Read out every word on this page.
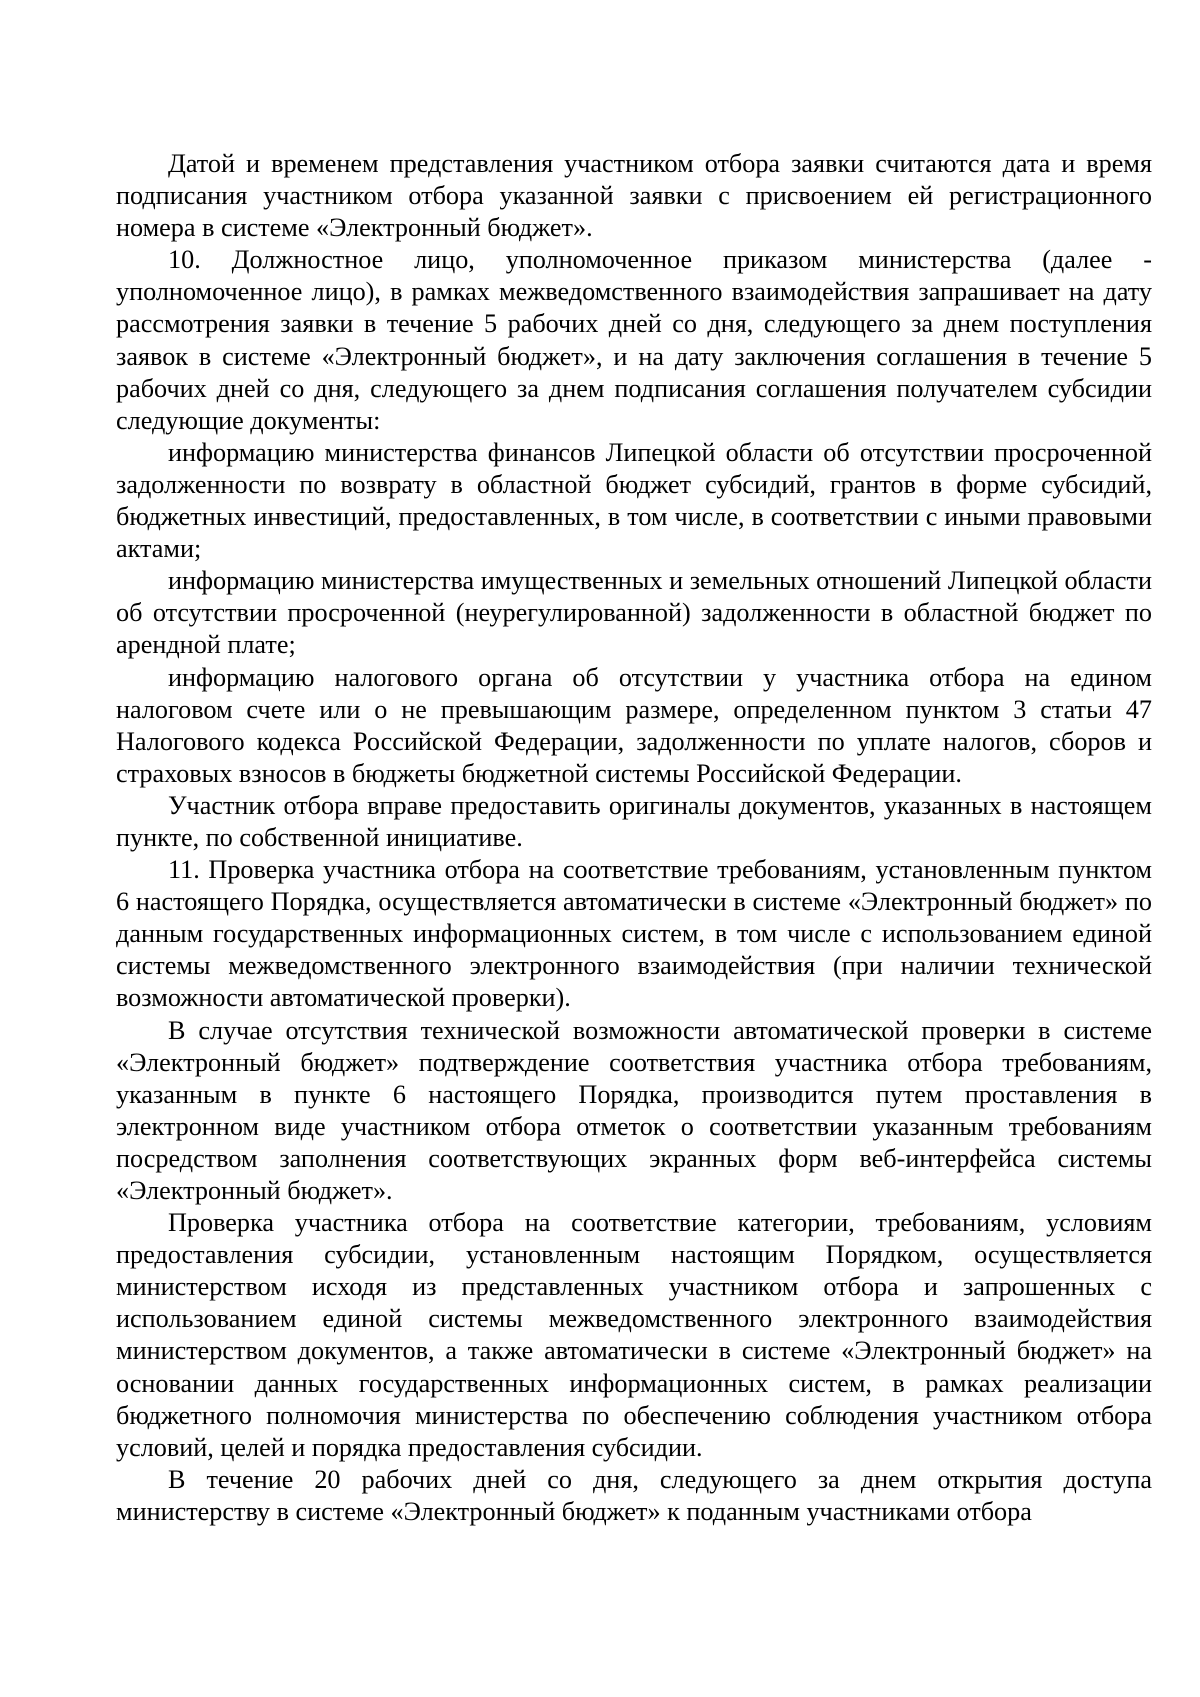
Датой и временем представления участником отбора заявки считаются дата и время подписания участником отбора указанной заявки с присвоением ей регистрационного номера в системе «Электронный бюджет».

10. Должностное лицо, уполномоченное приказом министерства (далее - уполномоченное лицо), в рамках межведомственного взаимодействия запрашивает на дату рассмотрения заявки в течение 5 рабочих дней со дня, следующего за днем поступления заявок в системе «Электронный бюджет», и на дату заключения соглашения в течение 5 рабочих дней со дня, следующего за днем подписания соглашения получателем субсидии следующие документы:

информацию министерства финансов Липецкой области об отсутствии просроченной задолженности по возврату в областной бюджет субсидий, грантов в форме субсидий, бюджетных инвестиций, предоставленных, в том числе, в соответствии с иными правовыми актами;

информацию министерства имущественных и земельных отношений Липецкой области об отсутствии просроченной (неурегулированной) задолженности в областной бюджет по арендной плате;

информацию налогового органа об отсутствии у участника отбора на едином налоговом счете или о не превышающим размере, определенном пунктом 3 статьи 47 Налогового кодекса Российской Федерации, задолженности по уплате налогов, сборов и страховых взносов в бюджеты бюджетной системы Российской Федерации.

Участник отбора вправе предоставить оригиналы документов, указанных в настоящем пункте, по собственной инициативе.

11. Проверка участника отбора на соответствие требованиям, установленным пунктом 6 настоящего Порядка, осуществляется автоматически в системе «Электронный бюджет» по данным государственных информационных систем, в том числе с использованием единой системы межведомственного электронного взаимодействия (при наличии технической возможности автоматической проверки).

В случае отсутствия технической возможности автоматической проверки в системе «Электронный бюджет» подтверждение соответствия участника отбора требованиям, указанным в пункте 6 настоящего Порядка, производится путем проставления в электронном виде участником отбора отметок о соответствии указанным требованиям посредством заполнения соответствующих экранных форм веб-интерфейса системы «Электронный бюджет».

Проверка участника отбора на соответствие категории, требованиям, условиям предоставления субсидии, установленным настоящим Порядком, осуществляется министерством исходя из представленных участником отбора и запрошенных с использованием единой системы межведомственного электронного взаимодействия министерством документов, а также автоматически в системе «Электронный бюджет» на основании данных государственных информационных систем, в рамках реализации бюджетного полномочия министерства по обеспечению соблюдения участником отбора условий, целей и порядка предоставления субсидии.

В течение 20 рабочих дней со дня, следующего за днем открытия доступа министерству в системе «Электронный бюджет» к поданным участниками отбора
